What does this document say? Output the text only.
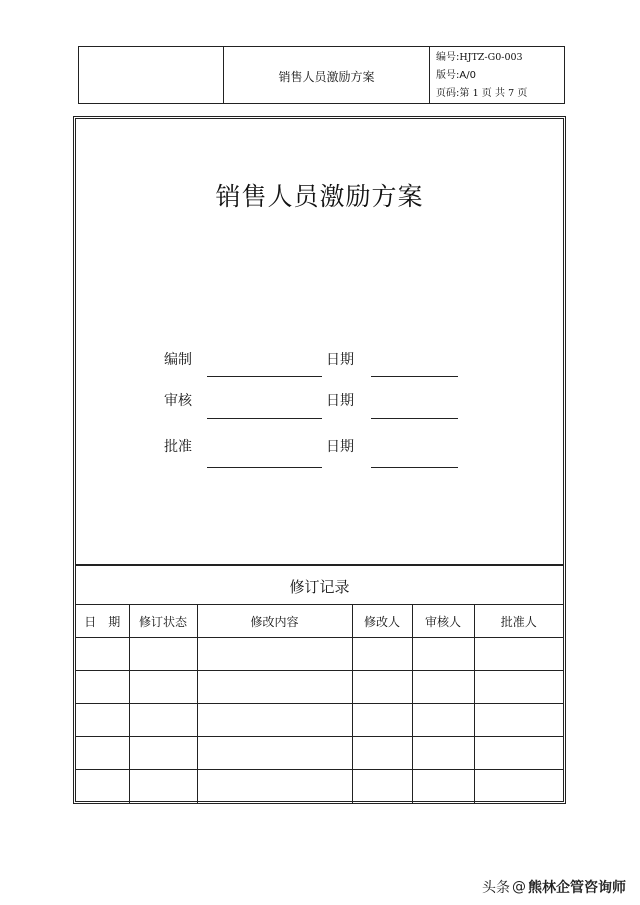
销售人员激励方案
编号:HJTZ-G0-003
版号:A/0
页码:第 1 页 共 7 页
销售人员激励方案
编制	日期
审核	日期
批准	日期
修订记录
日　期	修订状态	修改内容	修改人	审核人	批准人

头条 @ 熊林企管咨询师
